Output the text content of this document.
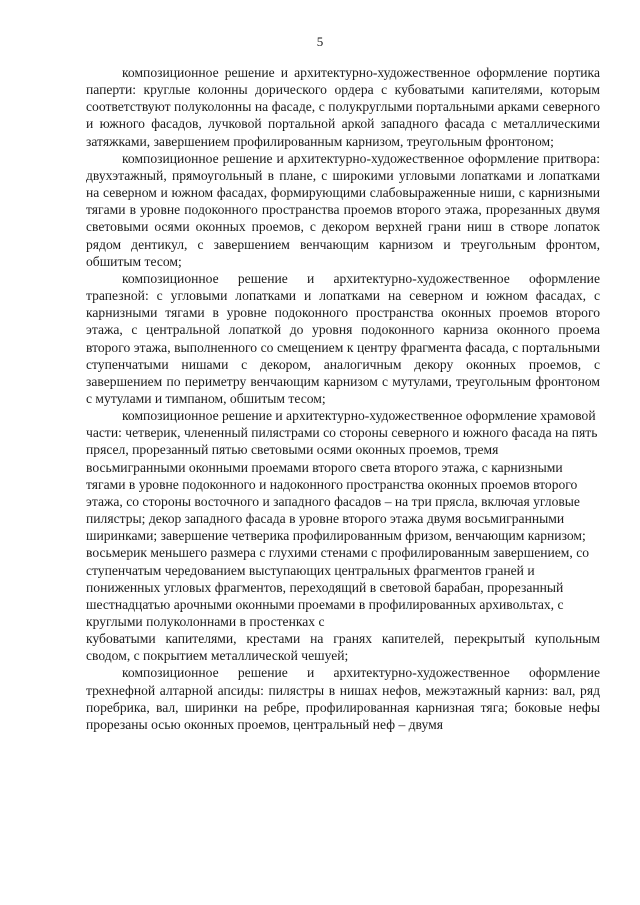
5

композиционное решение и архитектурно-художественное оформление портика паперти: круглые колонны дорического ордера с кубоватыми капителями, которым соответствуют полуколонны на фасаде, с полукруглыми портальными арками северного и южного фасадов, лучковой портальной аркой западного фасада с металлическими затяжками, завершением профилированным карнизом, треугольным фронтоном;

композиционное решение и архитектурно-художественное оформление притвора: двухэтажный, прямоугольный в плане, с широкими угловыми лопатками и лопатками на северном и южном фасадах, формирующими слабовыраженные ниши, с карнизными тягами в уровне подоконного пространства проемов второго этажа, прорезанных двумя световыми осями оконных проемов, с декором верхней грани ниш в створе лопаток рядом дентикул, с завершением венчающим карнизом и треугольным фронтом, обшитым тесом;

композиционное решение и архитектурно-художественное оформление трапезной: с угловыми лопатками и лопатками на северном и южном фасадах, с карнизными тягами в уровне подоконного пространства оконных проемов второго этажа, с центральной лопаткой до уровня подоконного карниза оконного проема второго этажа, выполненного со смещением к центру фрагмента фасада, с портальными ступенчатыми нишами с декором, аналогичным декору оконных проемов, с завершением по периметру венчающим карнизом с мутулами, треугольным фронтоном с мутулами и тимпаном, обшитым тесом;

композиционное решение и архитектурно-художественное оформление храмовой части: четверик, члененный пилястрами со стороны северного и южного фасада на пять прясел, прорезанный пятью световыми осями оконных проемов, тремя восьмигранными оконными проемами второго света второго этажа, с карнизными тягами в уровне подоконного и надоконного пространства оконных проемов второго этажа, со стороны восточного и западного фасадов – на три прясла, включая угловые пилястры; декор западного фасада в уровне второго этажа двумя восьмигранными ширинками; завершение четверика профилированным фризом, венчающим карнизом; восьмерик меньшего размера с глухими стенами с профилированным завершением, со ступенчатым чередованием выступающих центральных фрагментов граней и пониженных угловых фрагментов, переходящий в световой барабан, прорезанный шестнадцатью арочными оконными проемами в профилированных архивольтах, с круглыми полуколоннами в простенках с

кубоватыми капителями, крестами на гранях капителей, перекрытый купольным сводом, с покрытием металлической чешуей;

композиционное решение и архитектурно-художественное оформление трехнефной алтарной апсиды: пилястры в нишах нефов, межэтажный карниз: вал, ряд поребрика, вал, ширинки на ребре, профилированная карнизная тяга; боковые нефы прорезаны осью оконных проемов, центральный неф – двумя
